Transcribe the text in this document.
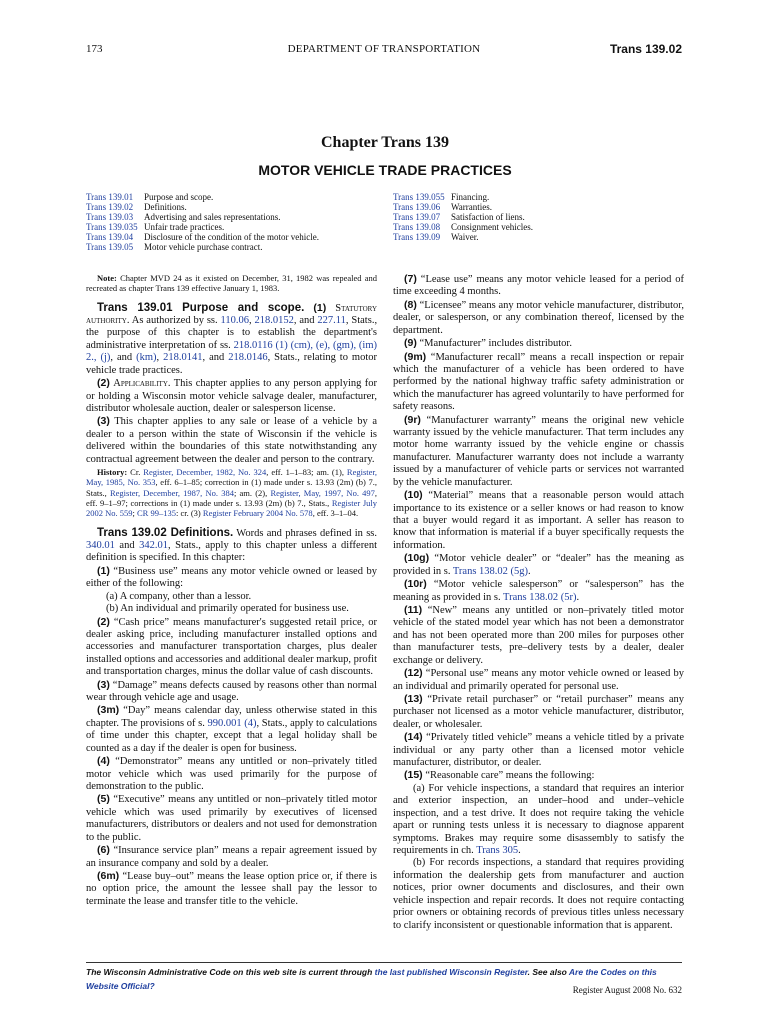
173	DEPARTMENT OF TRANSPORTATION	Trans 139.02
Chapter Trans 139
MOTOR VEHICLE TRADE PRACTICES
Trans 139.01 Purpose and scope.
Trans 139.02 Definitions.
Trans 139.03 Advertising and sales representations.
Trans 139.035 Unfair trade practices.
Trans 139.04 Disclosure of the condition of the motor vehicle.
Trans 139.05 Motor vehicle purchase contract.
Trans 139.055 Financing.
Trans 139.06 Warranties.
Trans 139.07 Satisfaction of liens.
Trans 139.08 Consignment vehicles.
Trans 139.09 Waiver.

Note: Chapter MVD 24 as it existed on December, 31, 1982 was repealed and recreated as chapter Trans 139 effective January 1, 1983.

Trans 139.01 Purpose and scope. (1) Statutory authority. As authorized by ss. 110.06, 218.0152, and 227.11, Stats., the purpose of this chapter is to establish the department's administrative interpretation of ss. 218.0116 (1) (cm), (e), (gm), (im) 2., (j), and (km), 218.0141, and 218.0146, Stats., relating to motor vehicle trade practices.

(2) Applicability. This chapter applies to any person applying for or holding a Wisconsin motor vehicle salvage dealer, manufacturer, distributor wholesale auction, dealer or salesperson license.

(3) This chapter applies to any sale or lease of a vehicle by a dealer to a person within the state of Wisconsin if the vehicle is delivered within the boundaries of this state notwithstanding any contractual agreement between the dealer and person to the contrary.

History: Cr. Register, December, 1982, No. 324, eff. 1–1–83; am. (1), Register, May, 1985, No. 353, eff. 6–1–85; correction in (1) made under s. 13.93 (2m) (b) 7., Stats., Register, December, 1987, No. 384; am. (2), Register, May, 1997, No. 497, eff. 9–1–97; corrections in (1) made under s. 13.93 (2m) (b) 7., Stats., Register July 2002 No. 559; CR 99–135: cr. (3) Register February 2004 No. 578, eff. 3–1–04.

Trans 139.02 Definitions. Words and phrases defined in ss. 340.01 and 342.01, Stats., apply to this chapter unless a different definition is specified. In this chapter:

(1) “Business use” means any motor vehicle owned or leased by either of the following:

(a) A company, other than a lessor.

(b) An individual and primarily operated for business use.

(2) “Cash price” means manufacturer's suggested retail price, or dealer asking price, including manufacturer installed options and accessories and manufacturer transportation charges, plus dealer installed options and accessories and additional dealer markup, profit and transportation charges, minus the dollar value of cash discounts.

(3) “Damage” means defects caused by reasons other than normal wear through vehicle age and usage.

(3m) “Day” means calendar day, unless otherwise stated in this chapter. The provisions of s. 990.001 (4), Stats., apply to calculations of time under this chapter, except that a legal holiday shall be counted as a day if the dealer is open for business.

(4) “Demonstrator” means any untitled or non–privately titled motor vehicle which was used primarily for the purpose of demonstration to the public.

(5) “Executive” means any untitled or non–privately titled motor vehicle which was used primarily by executives of licensed manufacturers, distributors or dealers and not used for demonstration to the public.

(6) “Insurance service plan” means a repair agreement issued by an insurance company and sold by a dealer.

(6m) “Lease buy–out” means the lease option price or, if there is no option price, the amount the lessee shall pay the lessor to terminate the lease and transfer title to the vehicle.

(7) “Lease use” means any motor vehicle leased for a period of time exceeding 4 months.

(8) “Licensee” means any motor vehicle manufacturer, distributor, dealer, or salesperson, or any combination thereof, licensed by the department.

(9) “Manufacturer” includes distributor.

(9m) “Manufacturer recall” means a recall inspection or repair which the manufacturer of a vehicle has been ordered to have performed by the national highway traffic safety administration or which the manufacturer has agreed voluntarily to have performed for safety reasons.

(9r) “Manufacturer warranty” means the original new vehicle warranty issued by the vehicle manufacturer. That term includes any motor home warranty issued by the vehicle engine or chassis manufacturer. Manufacturer warranty does not include a warranty issued by a manufacturer of vehicle parts or services not warranted by the vehicle manufacturer.

(10) “Material” means that a reasonable person would attach importance to its existence or a seller knows or had reason to know that a buyer would regard it as important. A seller has reason to know that information is material if a buyer specifically requests the information.

(10g) “Motor vehicle dealer” or “dealer” has the meaning as provided in s. Trans 138.02 (5g).

(10r) “Motor vehicle salesperson” or “salesperson” has the meaning as provided in s. Trans 138.02 (5r).

(11) “New” means any untitled or non–privately titled motor vehicle of the stated model year which has not been a demonstrator and has not been operated more than 200 miles for purposes other than manufacturer tests, pre–delivery tests by a dealer, dealer exchange or delivery.

(12) “Personal use” means any motor vehicle owned or leased by an individual and primarily operated for personal use.

(13) “Private retail purchaser” or “retail purchaser” means any purchaser not licensed as a motor vehicle manufacturer, distributor, dealer, or wholesaler.

(14) “Privately titled vehicle” means a vehicle titled by a private individual or any party other than a licensed motor vehicle manufacturer, distributor, or dealer.

(15) “Reasonable care” means the following:

(a) For vehicle inspections, a standard that requires an interior and exterior inspection, an under–hood and under–vehicle inspection, and a test drive. It does not require taking the vehicle apart or running tests unless it is necessary to diagnose apparent symptoms. Brakes may require some disassembly to satisfy the requirements in ch. Trans 305.

(b) For records inspections, a standard that requires providing information the dealership gets from manufacturer and auction notices, prior owner documents and disclosures, and their own vehicle inspection and repair records. It does not require contacting prior owners or obtaining records of previous titles unless necessary to clarify inconsistent or questionable information that is apparent.

The Wisconsin Administrative Code on this web site is current through the last published Wisconsin Register. See also Are the Codes on this Website Official?	Register August 2008 No. 632
